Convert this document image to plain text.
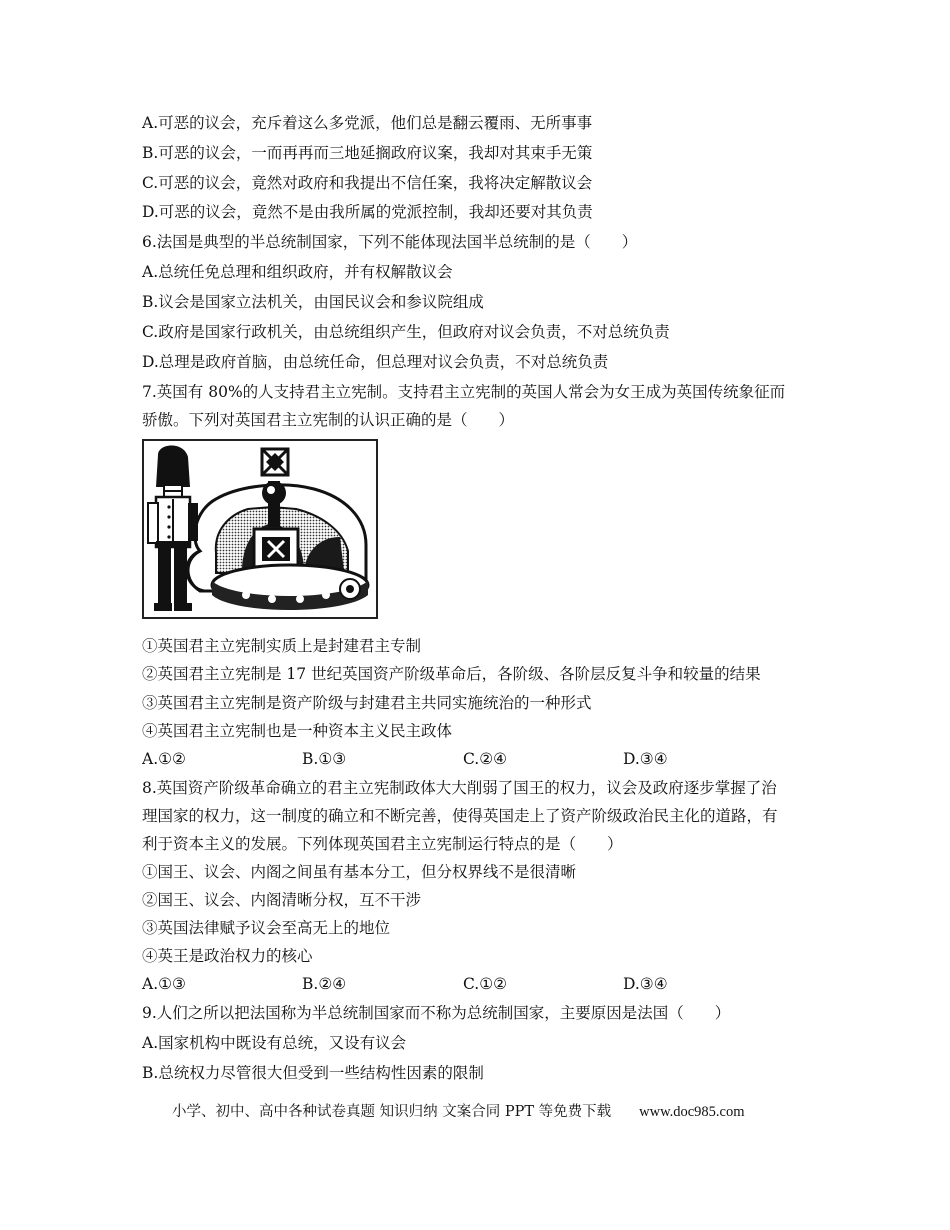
A.可恶的议会，充斥着这么多党派，他们总是翻云覆雨、无所事事
B.可恶的议会，一而再再而三地延搁政府议案，我却对其束手无策
C.可恶的议会，竟然对政府和我提出不信任案，我将决定解散议会
D.可恶的议会，竟然不是由我所属的党派控制，我却还要对其负责
6.法国是典型的半总统制国家，下列不能体现法国半总统制的是（　　）
A.总统任免总理和组织政府，并有权解散议会
B.议会是国家立法机关，由国民议会和参议院组成
C.政府是国家行政机关，由总统组织产生，但政府对议会负责，不对总统负责
D.总理是政府首脑，由总统任命，但总理对议会负责，不对总统负责
7.英国有 80%的人支持君主立宪制。支持君主立宪制的英国人常会为女王成为英国传统象征而
骄傲。下列对英国君主立宪制的认识正确的是（　　）
①英国君主立宪制实质上是封建君主专制
②英国君主立宪制是 17 世纪英国资产阶级革命后，各阶级、各阶层反复斗争和较量的结果
③英国君主立宪制是资产阶级与封建君主共同实施统治的一种形式
④英国君主立宪制也是一种资本主义民主政体
A.①②	B.①③	C.②④	D.③④
8.英国资产阶级革命确立的君主立宪制政体大大削弱了国王的权力，议会及政府逐步掌握了治
理国家的权力，这一制度的确立和不断完善，使得英国走上了资产阶级政治民主化的道路，有
利于资本主义的发展。下列体现英国君主立宪制运行特点的是（　　）
①国王、议会、内阁之间虽有基本分工，但分权界线不是很清晰
②国王、议会、内阁清晰分权，互不干涉
③英国法律赋予议会至高无上的地位
④英王是政治权力的核心
A.①③	B.②④	C.①②	D.③④
9.人们之所以把法国称为半总统制国家而不称为总统制国家，主要原因是法国（　　）
A.国家机构中既设有总统，又设有议会
B.总统权力尽管很大但受到一些结构性因素的限制
小学、初中、高中各种试卷真题 知识归纳 文案合同 PPT 等免费下载 www.doc985.com
